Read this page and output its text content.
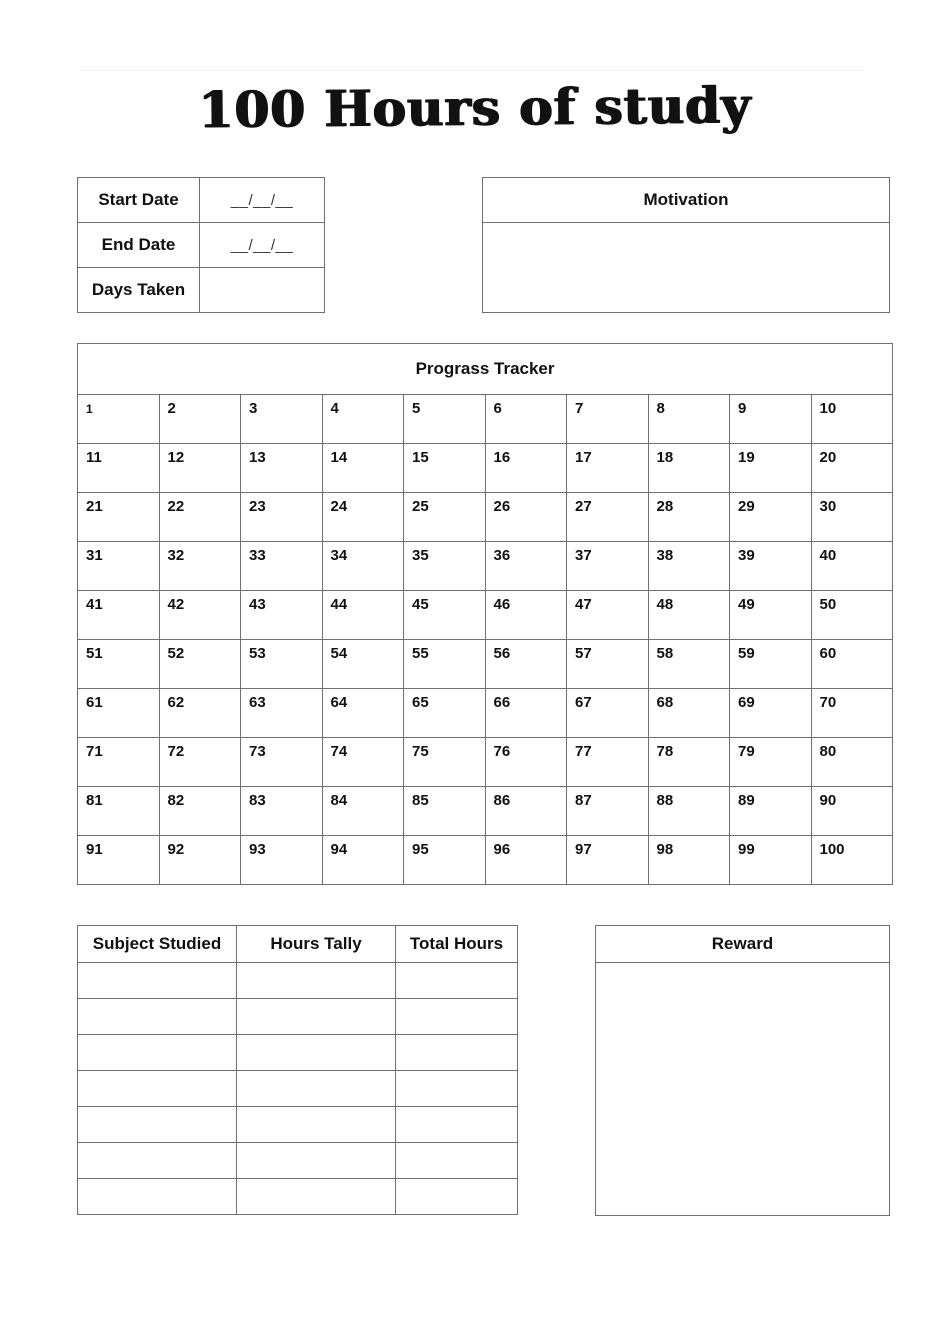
100 Hours of study
Start Date	__/__/__
End Date	__/__/__
Days Taken	
Motivation

Prograss Tracker									
1	2	3	4	5	6	7	8	9	10
11	12	13	14	15	16	17	18	19	20
21	22	23	24	25	26	27	28	29	30
31	32	33	34	35	36	37	38	39	40
41	42	43	44	45	46	47	48	49	50
51	52	53	54	55	56	57	58	59	60
61	62	63	64	65	66	67	68	69	70
71	72	73	74	75	76	77	78	79	80
81	82	83	84	85	86	87	88	89	90
91	92	93	94	95	96	97	98	99	100
Subject Studied	Hours Tally	Total Hours

			Reward
